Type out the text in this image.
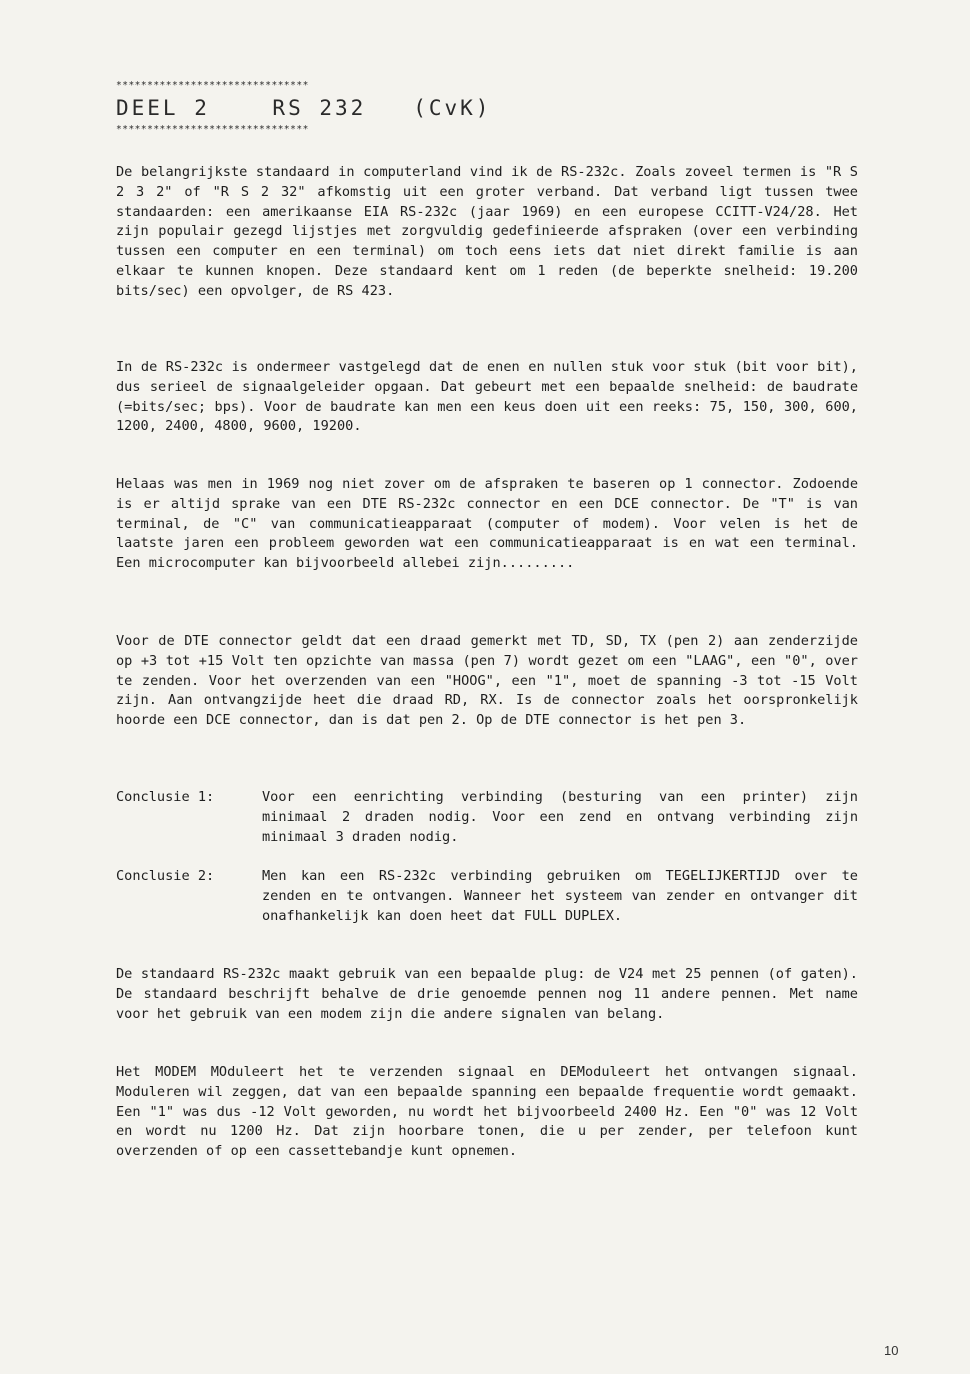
*******************************
DEEL 2    RS 232   (CvK)
*******************************

De belangrijkste standaard in computerland vind ik de RS-232c. Zoals zoveel termen is "R S 2 3 2" of "R S 2 32" afkomstig uit een groter verband. Dat verband ligt tussen twee standaarden: een amerikaanse EIA RS-232c (jaar 1969) en een europese CCITT-V24/28. Het zijn populair gezegd lijstjes met zorgvuldig gedefinieerde afspraken (over een verbinding tussen een computer en een terminal) om toch eens iets dat niet direkt familie is aan elkaar te kunnen knopen. Deze standaard kent om 1 reden (de beperkte snelheid: 19.200 bits/sec) een opvolger, de RS 423.

In de RS-232c is ondermeer vastgelegd dat de enen en nullen stuk voor stuk (bit voor bit), dus serieel de signaalgeleider opgaan. Dat gebeurt met een bepaalde snelheid: de baudrate (=bits/sec; bps). Voor de baudrate kan men een keus doen uit een reeks: 75, 150, 300, 600, 1200, 2400, 4800, 9600, 19200.

Helaas was men in 1969 nog niet zover om de afspraken te baseren op 1 connector. Zodoende is er altijd sprake van een DTE RS-232c connector en een DCE connector. De "T" is van terminal, de "C" van communicatieapparaat (computer of modem). Voor velen is het de laatste jaren een probleem geworden wat een communicatieapparaat is en wat een terminal. Een microcomputer kan bijvoorbeeld allebei zijn.........

Voor de DTE connector geldt dat een draad gemerkt met TD, SD, TX (pen 2) aan zenderzijde op +3 tot +15 Volt ten opzichte van massa (pen 7) wordt gezet om een "LAAG", een "0", over te zenden. Voor het overzenden van een "HOOG", een "1", moet de spanning -3 tot -15 Volt zijn. Aan ontvangzijde heet die draad RD, RX. Is de connector zoals het oorspronkelijk hoorde een DCE connector, dan is dat pen 2. Op de DTE connector is het pen 3.

Conclusie 1:	Voor een eenrichting verbinding (besturing van een printer) zijn minimaal 2 draden nodig. Voor een zend en ontvang verbinding zijn minimaal 3 draden nodig.
Conclusie 2:	Men kan een RS-232c verbinding gebruiken om TEGELIJKERTIJD over te zenden en te ontvangen. Wanneer het systeem van zender en ontvanger dit onafhankelijk kan doen heet dat FULL DUPLEX.

De standaard RS-232c maakt gebruik van een bepaalde plug: de V24 met 25 pennen (of gaten). De standaard beschrijft behalve de drie genoemde pennen nog 11 andere pennen. Met name voor het gebruik van een modem zijn die andere signalen van belang.

Het MODEM MOduleert het te verzenden signaal en DEModuleert het ontvangen signaal. Moduleren wil zeggen, dat van een bepaalde spanning een bepaalde frequentie wordt gemaakt. Een "1" was dus -12 Volt geworden, nu wordt het bijvoorbeeld 2400 Hz. Een "0" was 12 Volt en wordt nu 1200 Hz. Dat zijn hoorbare tonen, die u per zender, per telefoon kunt overzenden of op een cassettebandje kunt opnemen.

10
